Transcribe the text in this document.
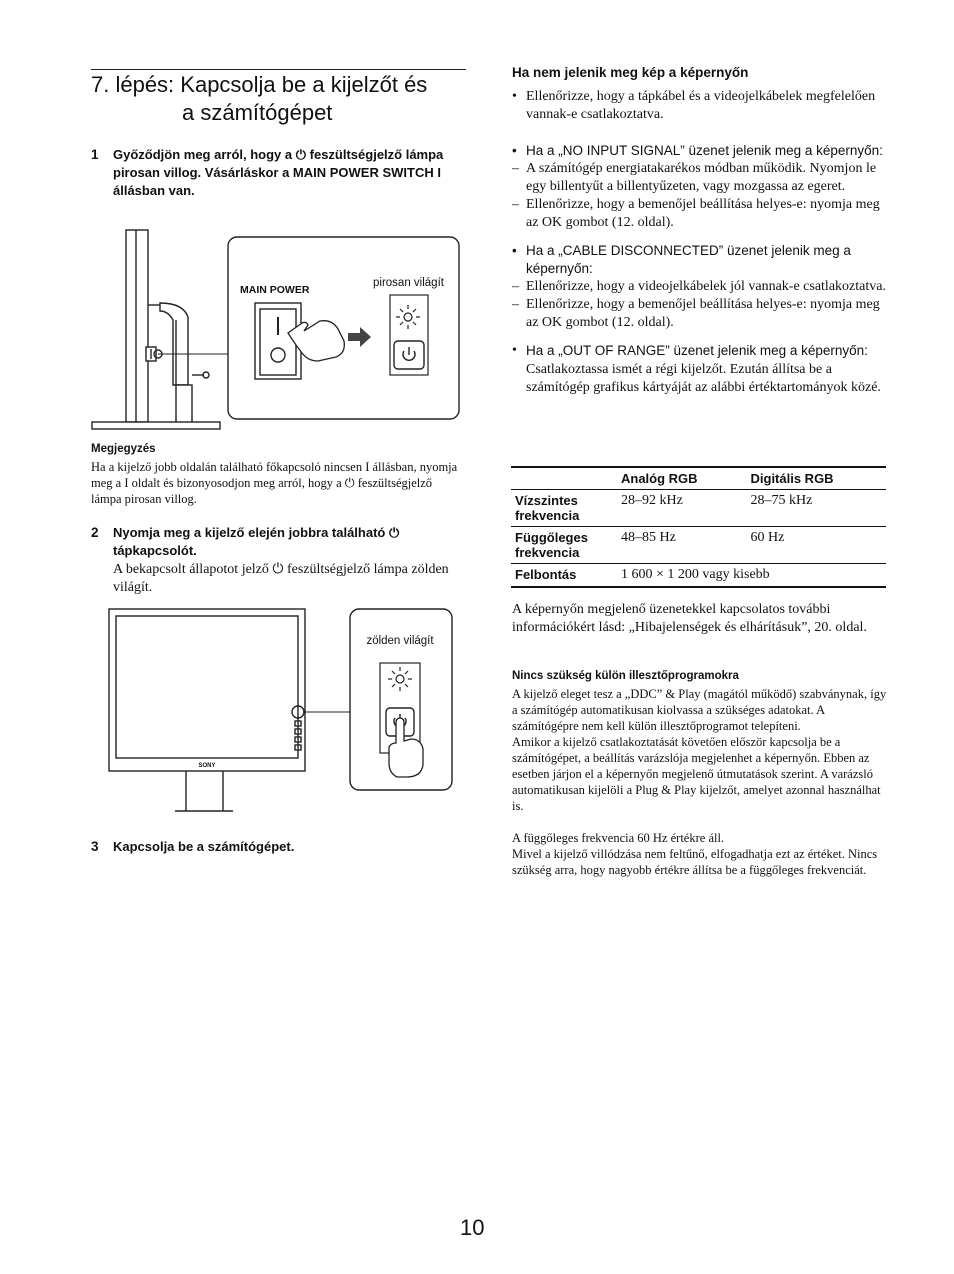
7. lépés: Kapcsolja be a kijelzőt és
a számítógépet
1 Győződjön meg arról, hogy a ⏻ feszültségjelző lámpa pirosan villog. Vásárláskor a MAIN POWER SWITCH I állásban van.
MAIN POWER
pirosan világít
Megjegyzés
Ha a kijelző jobb oldalán található főkapcsoló nincsen I állásban, nyomja meg a I oldalt és bizonyosodjon meg arról, hogy a ⏻ feszültségjelző lámpa pirosan villog.
2 Nyomja meg a kijelző elején jobbra található ⏻ tápkapcsolót.
A bekapcsolt állapotot jelző ⏻ feszültségjelző lámpa zölden világít.
SONY
zölden világít
3 Kapcsolja be a számítógépet.
Ha nem jelenik meg kép a képernyőn
• Ellenőrizze, hogy a tápkábel és a videojelkábelek megfelelően vannak-e csatlakoztatva.
• Ha a „NO INPUT SIGNAL” üzenet jelenik meg a képernyőn:
– A számítógép energiatakarékos módban működik. Nyomjon le egy billentyűt a billentyűzeten, vagy mozgassa az egeret.
– Ellenőrizze, hogy a bemenőjel beállítása helyes-e: nyomja meg az OK gombot (12. oldal).
• Ha a „CABLE DISCONNECTED” üzenet jelenik meg a képernyőn:
– Ellenőrizze, hogy a videojelkábelek jól vannak-e csatlakoztatva.
– Ellenőrizze, hogy a bemenőjel beállítása helyes-e: nyomja meg az OK gombot (12. oldal).
• Ha a „OUT OF RANGE” üzenet jelenik meg a képernyőn: Csatlakoztassa ismét a régi kijelzőt. Ezután állítsa be a számítógép grafikus kártyáját az alábbi értéktartományok közé.
	Analóg RGB	Digitális RGB
Vízszintes frekvencia	28–92 kHz	28–75 kHz
Függőleges frekvencia	48–85 Hz	60 Hz
Felbontás	1 600 × 1 200 vagy kisebb	
A képernyőn megjelenő üzenetekkel kapcsolatos további információkért lásd: „Hibajelenségek és elhárításuk”, 20. oldal.
Nincs szükség külön illesztőprogramokra
A kijelző eleget tesz a „DDC” & Play (magától működő) szabványnak, így a számítógép automatikusan kiolvassa a szükséges adatokat. A számítógépre nem kell külön illesztőprogramot telepíteni.
Amikor a kijelző csatlakoztatását követően először kapcsolja be a számítógépet, a beállítás varázslója megjelenhet a képernyőn. Ebben az esetben járjon el a képernyőn megjelenő útmutatások szerint. A varázsló automatikusan kijelöli a Plug & Play kijelzőt, amelyet azonnal használhat is.
A függőleges frekvencia 60 Hz értékre áll.
Mivel a kijelző villódzása nem feltűnő, elfogadhatja ezt az értéket. Nincs szükség arra, hogy nagyobb értékre állítsa be a függőleges frekvenciát.
10
